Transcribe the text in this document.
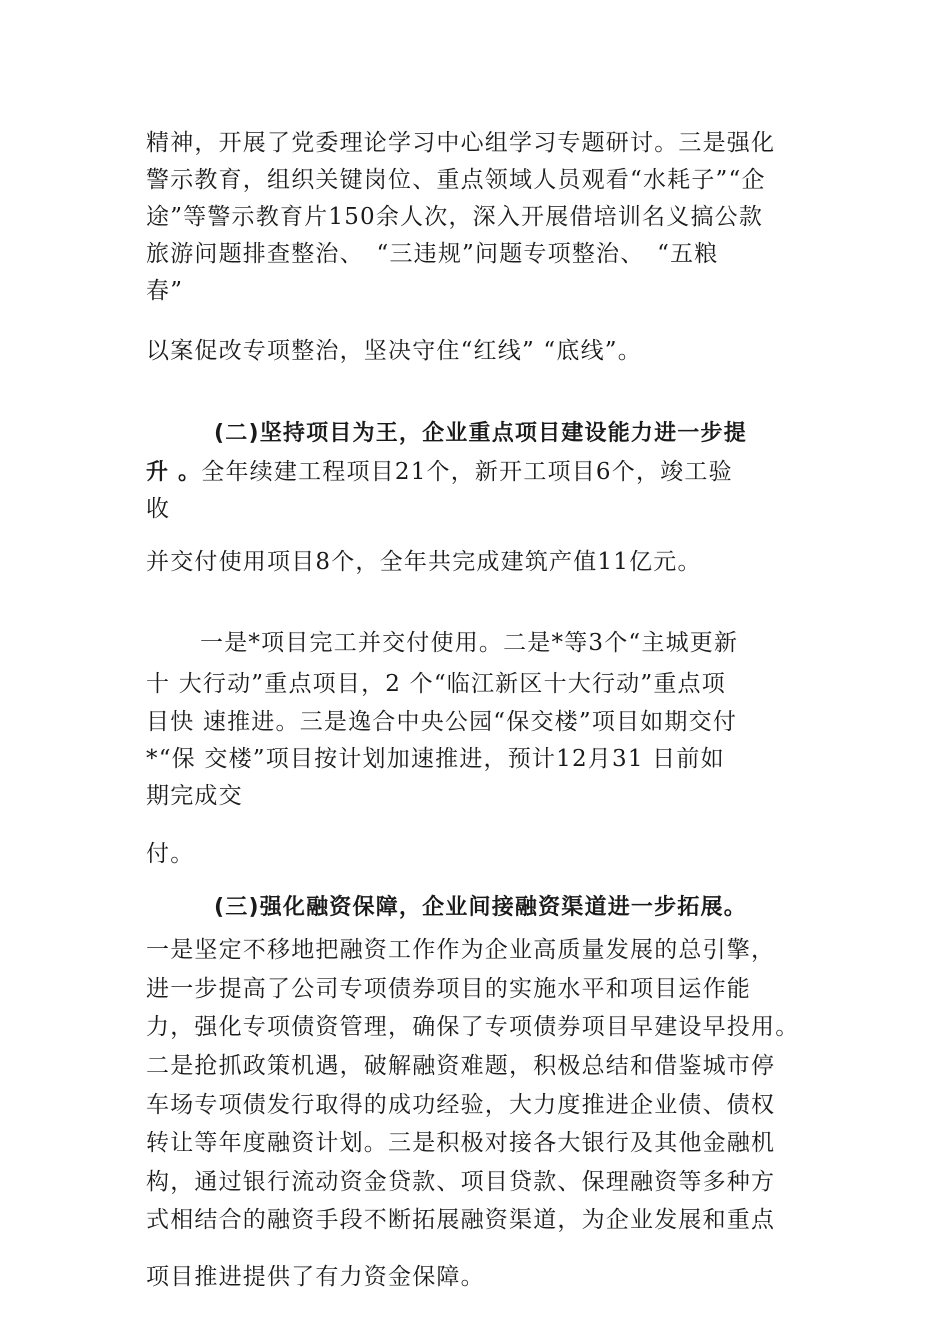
精神，开展了党委理论学习中心组学习专题研讨。三是强化
警示教育，组织关键岗位、重点领域人员观看“水耗子”“企
途”等警示教育片150余人次，深入开展借培训名义搞公款
旅游问题排查整治、　“三违规”问题专项整治、　“五粮
春”
以案促改专项整治，坚决守住“红线” “底线”。
(二)坚持项目为王，企业重点项目建设能力进一步提
升 。全年续建工程项目21个，新开工项目6个，竣工验
收
并交付使用项目8个，全年共完成建筑产值11亿元。
一是*项目完工并交付使用。二是*等3个“主城更新
十 大行动”重点项目，2 个“临江新区十大行动”重点项
目快 速推进。三是逸合中央公园“保交楼”项目如期交付
*“保 交楼”项目按计划加速推进，预计12月31 日前如
期完成交
付。
(三)强化融资保障，企业间接融资渠道进一步拓展。
一是坚定不移地把融资工作作为企业高质量发展的总引擎，
进一步提高了公司专项债券项目的实施水平和项目运作能
力，强化专项债资管理，确保了专项债券项目早建设早投用。
二是抢抓政策机遇，破解融资难题，积极总结和借鉴城市停
车场专项债发行取得的成功经验，大力度推进企业债、债权
转让等年度融资计划。三是积极对接各大银行及其他金融机
构，通过银行流动资金贷款、项目贷款、保理融资等多种方
式相结合的融资手段不断拓展融资渠道，为企业发展和重点
项目推进提供了有力资金保障。
